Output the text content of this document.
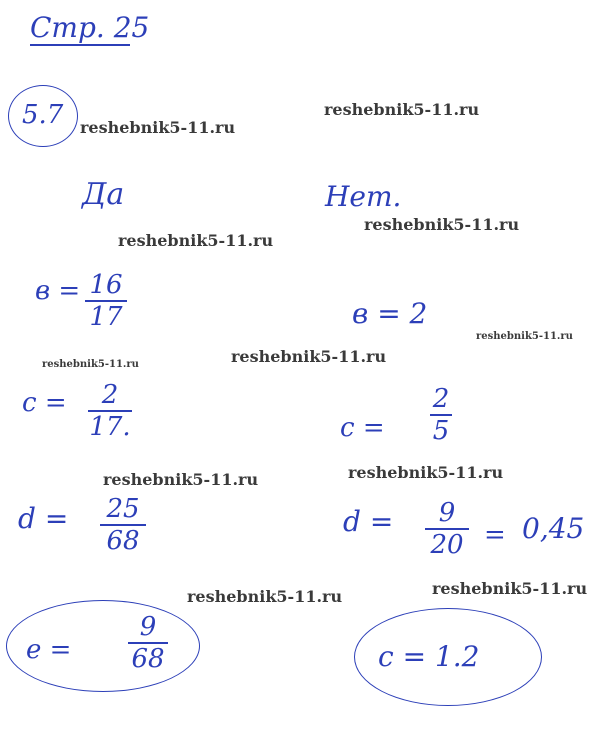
Стр. 25
5.7 reshebnik5-11.ru
reshebnik5-11.ru
reshebnik5-11.ru
reshebnik5-11.ru
reshebnik5-11.ru
reshebnik5-11.ru	reshebnik5-11.ru
reshebnik5-11.ru	reshebnik5-11.ru
reshebnik5-11.ru	reshebnik5-11.ru
Да
в = 16
17
с = 2
17.
d = 25
68
е =
9
68
Нет.
в = 2
с =
2
5
d = 9
20 = 0,45
с = 1.2
